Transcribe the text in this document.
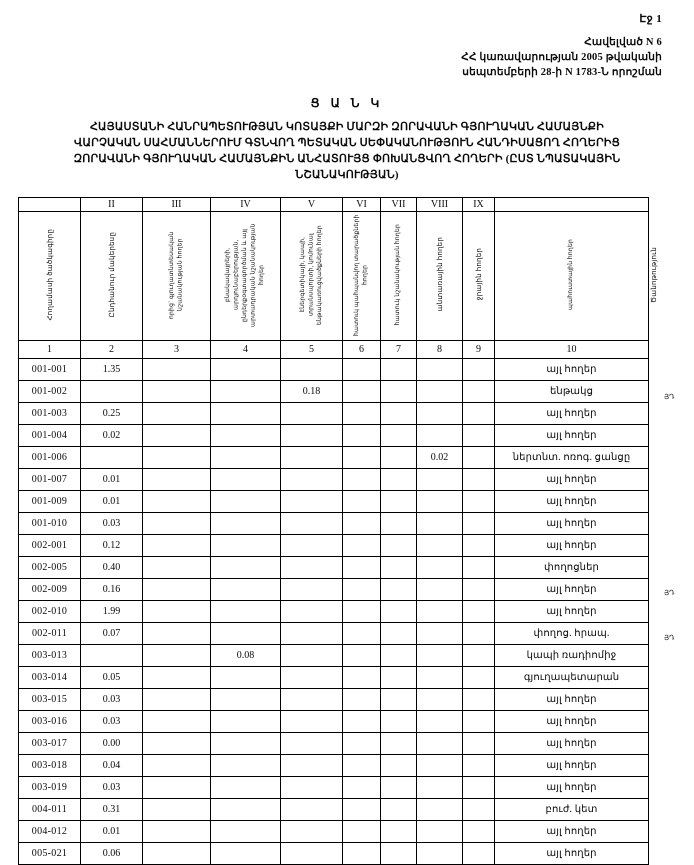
Էջ 1
Հավելված N 6
ՀՀ կառավարության 2005 թվականի
սեպտեմբերի 28-ի N 1783-Ն որոշման
Ց Ա Ն Կ
ՀԱՅԱՍՏԱՆԻ ՀԱՆՐԱՊԵՏՈՒԹՅԱՆ ԿՈՏԱՅՔԻ ՄԱՐԶԻ ԶՈՐԱՎԱՆԻ ԳՅՈՒՂԱԿԱՆ ՀԱՄԱՅՆՔԻ
ՎԱՐՉԱԿԱՆ ՍԱՀՄԱՆՆԵՐՈՒՄ ԳՏՆՎՈՂ ՊԵՏԱԿԱՆ ՍԵՓԱԿԱՆՈՒԹՅՈՒՆ ՀԱՆԴԻՍԱՑՈՂ ՀՈՂԵՐԻՑ
ԶՈՐԱՎԱՆԻ ԳՅՈՒՂԱԿԱՆ ՀԱՄԱՅՆՔԻՆ ԱՆՀԱՏՈՒՅՑ ՓՈԽԱՆՑՎՈՂ ՀՈՂԵՐԻ (ԸՍՏ ՆՊԱՏԱԿԱՅԻՆ
ՆՇԱՆԱԿՈՒԹՅԱՆ)
	II	III	IV	V	VI	VII	VIII	IX		
Հողամասի ծածկագիրը	Ընդհանուր մակերեսը	որից` գյուղատնտեսական նշանակության հողեր	բնակավայրերի, արդյունաբերության, ընդերքօգտագործման և այլ արտադրական նշանակության հողեր	էներգետիկայի, կապի, տրանսպորտի, կոմունալ ենթակառուցվածքների հողեր	հատուկ պահպանվող տարածքների հողեր	հատուկ նշանակության հողեր	անտառային հողեր	ջրային հողեր	պահուստային հողեր	Ծանոթություն
1	2	3	4	5	6	7	8	9	10	
001-001	1.35								այլ հողեր	
001-002				0.18					ենթակց	
001-003	0.25								այլ հողեր	
001-004	0.02								այլ հողեր	
001-006							0.02		ներտնտ. ոռոգ. ցանցը	
001-007	0.01								այլ հողեր	
001-009	0.01								այլ հողեր	
001-010	0.03								այլ հողեր	
002-001	0.12								այլ հողեր	
002-005	0.40								փողոցներ	
002-009	0.16								այլ հողեր	
002-010	1.99								այլ հողեր	
002-011	0.07								փողոց. հրապ.	
003-013			0.08						կապի ռադիոմիջ	
003-014	0.05								գյուղապետարան	
003-015	0.03								այլ հողեր	
003-016	0.03								այլ հողեր	
003-017	0.00								այլ հողեր	
003-018	0.04								այլ հողեր	
003-019	0.03								այլ հողեր	
004-011	0.31								բուժ. կետ	
004-012	0.01								այլ հողեր	
005-021	0.06								այլ հողեր	
ՅԴ
ՅԴ
ՅԴ
